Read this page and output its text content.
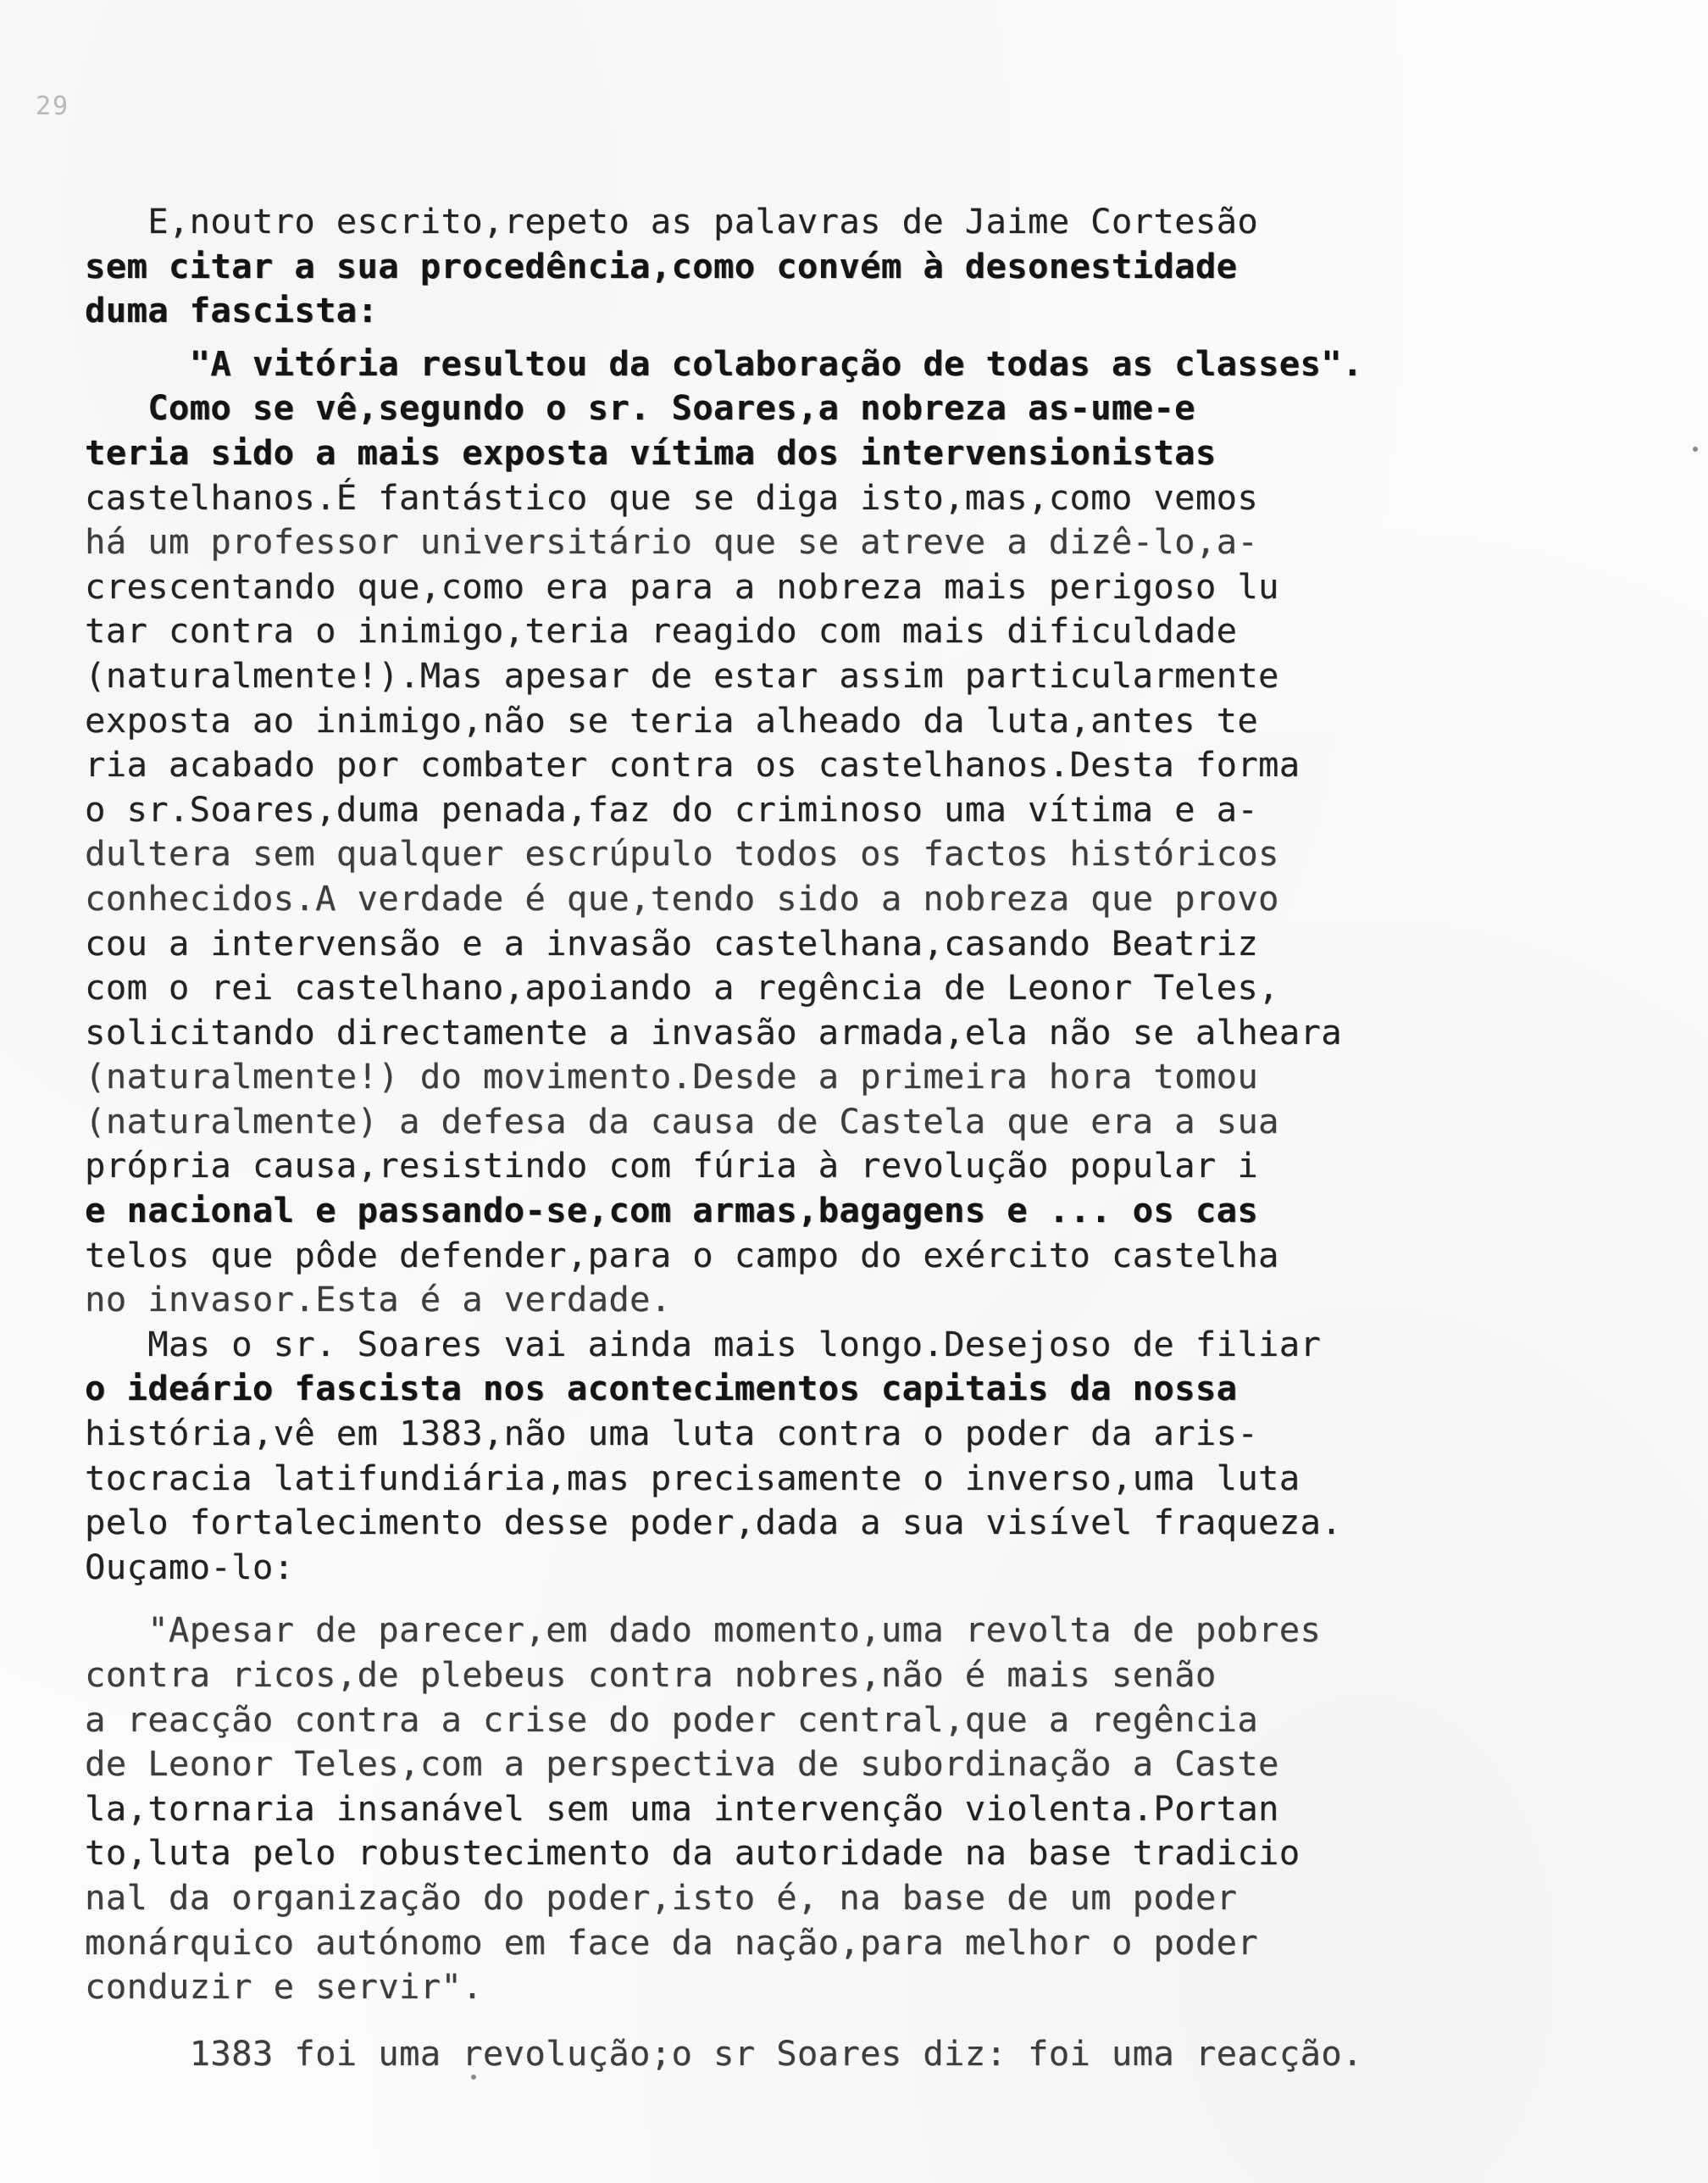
29
E,noutro escrito,repeto as palavras de Jaime Cortesão
sem citar a sua procedência,como convém à desonestidade
duma fascista:
"A vitória resultou da colaboração de todas as classes".
Como se vê,segundo o sr. Soares,a nobreza as-ume-e
teria sido a mais exposta vítima dos intervensionistas
castelhanos.É fantástico que se diga isto,mas,como vemos
há um professor universitário que se atreve a dizê-lo,a-
crescentando que,como era para a nobreza mais perigoso lu
tar contra o inimigo,teria reagido com mais dificuldade
(naturalmente!).Mas apesar de estar assim particularmente
exposta ao inimigo,não se teria alheado da luta,antes te
ria acabado por combater contra os castelhanos.Desta forma
o sr.Soares,duma penada,faz do criminoso uma vítima e a-
dultera sem qualquer escrúpulo todos os factos históricos
conhecidos.A verdade é que,tendo sido a nobreza que provo
cou a intervensão e a invasão castelhana,casando Beatriz
com o rei castelhano,apoiando a regência de Leonor Teles,
solicitando directamente a invasão armada,ela não se alheara
(naturalmente!) do movimento.Desde a primeira hora tomou
(naturalmente) a defesa da causa de Castela que era a sua
própria causa,resistindo com fúria à revolução popular i
e nacional e passando-se,com armas,bagagens e ... os cas
telos que pôde defender,para o campo do exército castelha
no invasor.Esta é a verdade.
Mas o sr. Soares vai ainda mais longo.Desejoso de filiar
o ideário fascista nos acontecimentos capitais da nossa
história,vê em 1383,não uma luta contra o poder da aris-
tocracia latifundiária,mas precisamente o inverso,uma luta
pelo fortalecimento desse poder,dada a sua visível fraqueza.
Ouçamo-lo:
"Apesar de parecer,em dado momento,uma revolta de pobres
contra ricos,de plebeus contra nobres,não é mais senão
a reacção contra a crise do poder central,que a regência
de Leonor Teles,com a perspectiva de subordinação a Caste
la,tornaria insanável sem uma intervenção violenta.Portan
to,luta pelo robustecimento da autoridade na base tradicio
nal da organização do poder,isto é, na base de um poder
monárquico autónomo em face da nação,para melhor o poder
conduzir e servir".
1383 foi uma revolução;o sr Soares diz: foi uma reacção.
